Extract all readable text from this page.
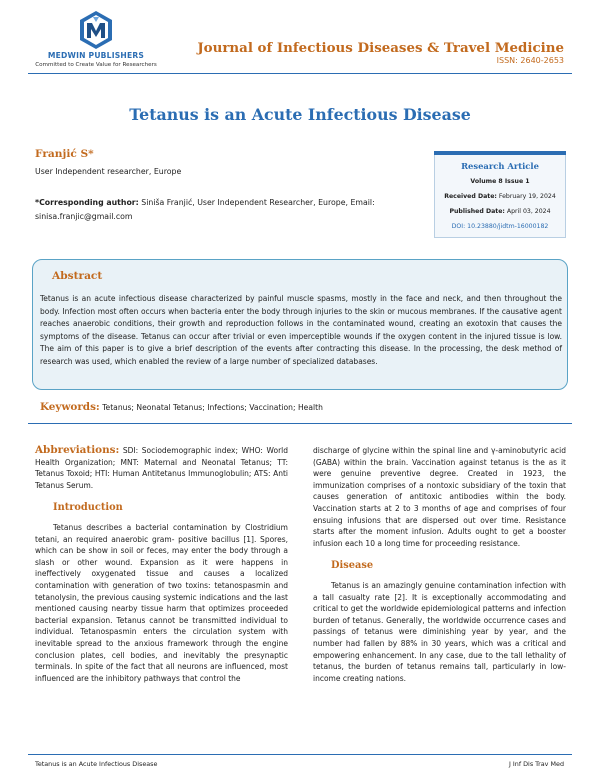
MEDWIN PUBLISHERS
Committed to Create Value for Researchers
Journal of Infectious Diseases & Travel Medicine
ISSN: 2640-2653
Tetanus is an Acute Infectious Disease
Franjić S*
User Independent researcher, Europe
*Corresponding author: Siniša Franjić, User Independent Researcher, Europe, Email: sinisa.franjic@gmail.com
Research Article
Volume 8 Issue 1
Received Date: February 19, 2024
Published Date: April 03, 2024
DOI: 10.23880/jidtm-16000182
Abstract
Tetanus is an acute infectious disease characterized by painful muscle spasms, mostly in the face and neck, and then throughout the body. Infection most often occurs when bacteria enter the body through injuries to the skin or mucous membranes. If the causative agent reaches anaerobic conditions, their growth and reproduction follows in the contaminated wound, creating an exotoxin that causes the symptoms of the disease. Tetanus can occur after trivial or even imperceptible wounds if the oxygen content in the injured tissue is low. The aim of this paper is to give a brief description of the events after contracting this disease. In the processing, the desk method of research was used, which enabled the review of a large number of specialized databases.
Keywords: Tetanus; Neonatal Tetanus; Infections; Vaccination; Health

Abbreviations: SDI: Sociodemographic index; WHO: World Health Organization; MNT: Maternal and Neonatal Tetanus; TT: Tetanus Toxoid; HTI: Human Antitetanus Immunoglobulin; ATS: Anti Tetanus Serum.

Introduction

Tetanus describes a bacterial contamination by Clostridium tetani, an required anaerobic gram- positive bacillus [1]. Spores, which can be show in soil or feces, may enter the body through a slash or other wound. Expansion as it were happens in ineffectively oxygenated tissue and causes a localized contamination with generation of two toxins: tetanospasmin and tetanolysin, the previous causing systemic indications and the last mentioned causing nearby tissue harm that optimizes proceeded bacterial expansion. Tetanus cannot be transmitted individual to individual. Tetanospasmin enters the circulation system with inevitable spread to the anxious framework through the engine conclusion plates, cell bodies, and inevitably the presynaptic terminals. In spite of the fact that all neurons are influenced, most influenced are the inhibitory pathways that control the

discharge of glycine within the spinal line and γ-aminobutyric acid (GABA) within the brain. Vaccination against tetanus is the as it were genuine preventive degree. Created in 1923, the immunization comprises of a nontoxic subsidiary of the toxin that causes generation of antitoxic antibodies within the body. Vaccination starts at 2 to 3 months of age and comprises of four ensuing infusions that are dispersed out over time. Resistance starts after the moment infusion. Adults ought to get a booster infusion each 10 a long time for proceeding resistance.

Disease

Tetanus is an amazingly genuine contamination infection with a tall casualty rate [2]. It is exceptionally accommodating and critical to get the worldwide epidemiological patterns and infection burden of tetanus. Generally, the worldwide occurrence cases and passings of tetanus were diminishing year by year, and the number had fallen by 88% in 30 years, which was a critical and empowering enhancement. In any case, due to the tall lethality of tetanus, the burden of tetanus remains tall, particularly in low-income creating nations.

Tetanus is an Acute Infectious Disease	J Inf Dis Trav Med
